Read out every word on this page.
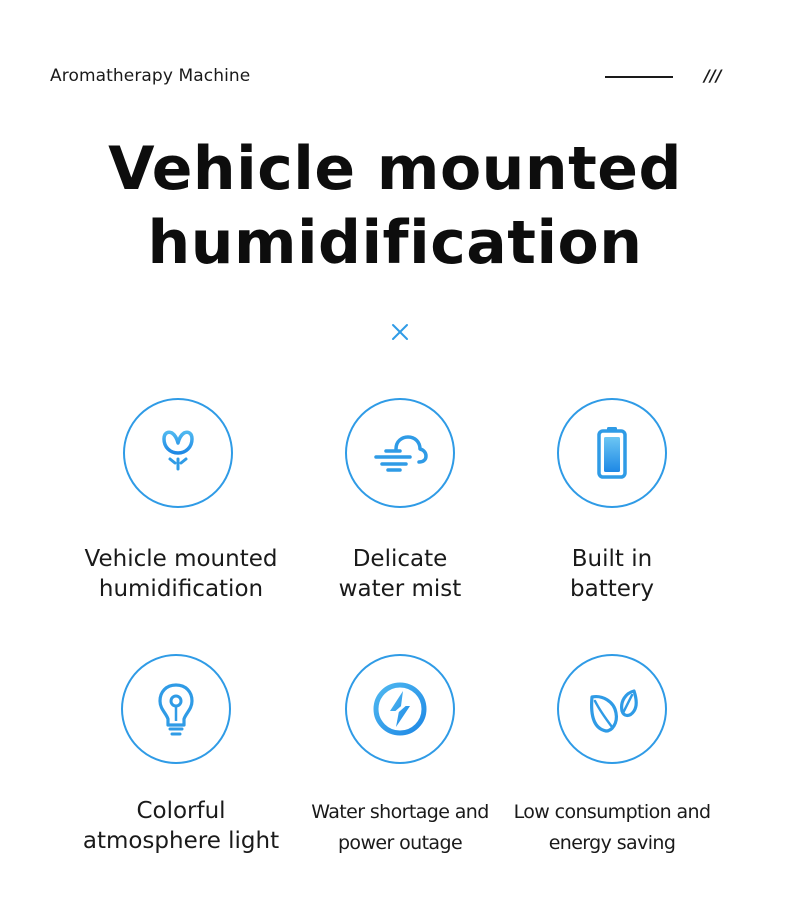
Aromatherapy Machine	///
Vehicle mounted
humidification
Vehicle mounted
humidification
Delicate
water mist
Built in
battery
Colorful
atmosphere light
Water shortage and
power outage
Low consumption and
energy saving
